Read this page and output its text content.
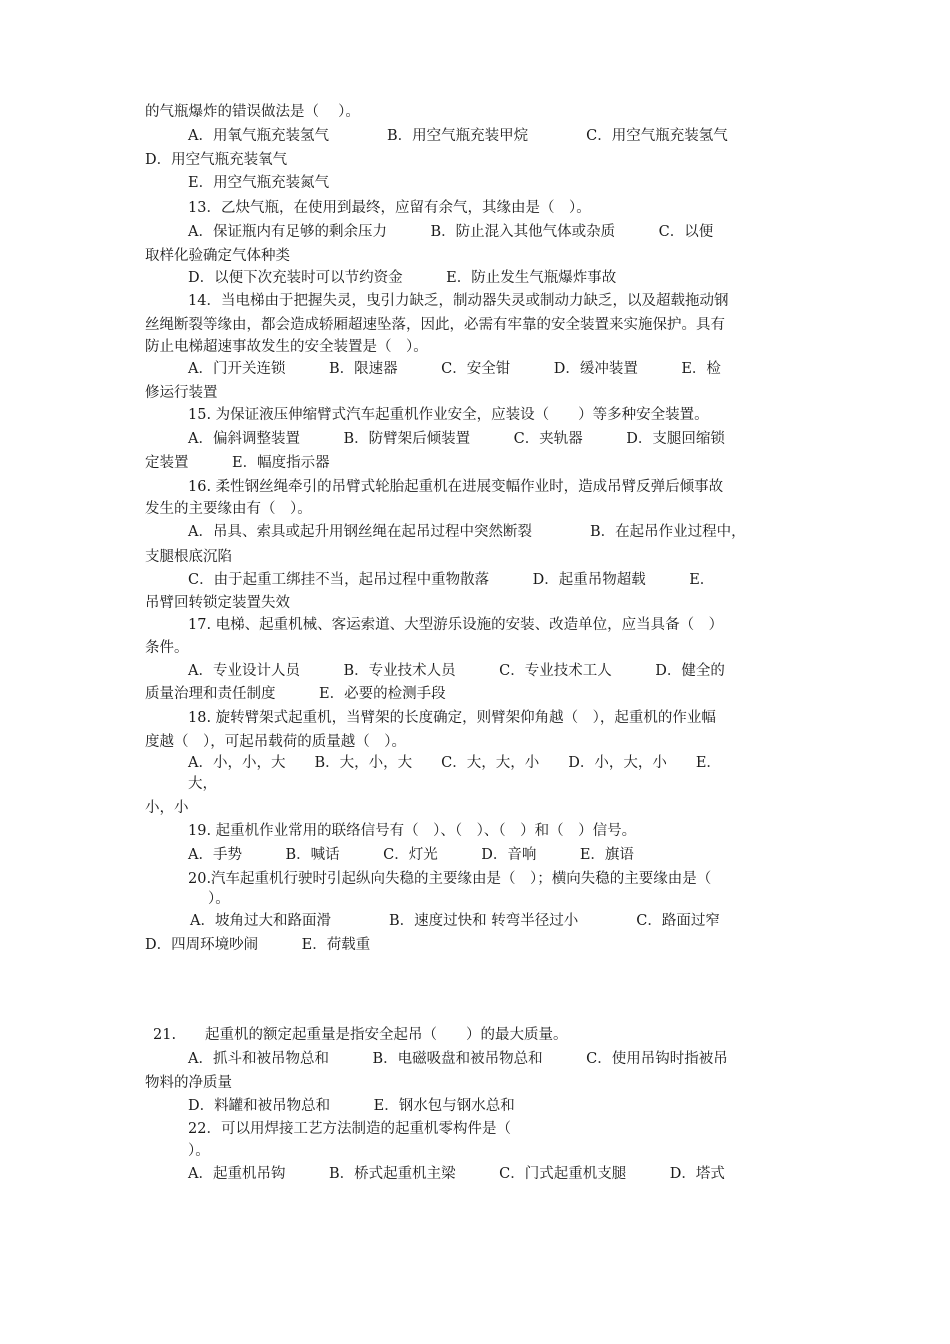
的气瓶爆炸的错误做法是（　 ）。
A．用氧气瓶充装氢气　　　　B．用空气瓶充装甲烷　　　　C．用空气瓶充装氢气
D．用空气瓶充装氧气
E．用空气瓶充装氮气
13．乙炔气瓶，在使用到最终，应留有余气，其缘由是（　）。
A．保证瓶内有足够的剩余压力　　　B．防止混入其他气体或杂质　　　C．以便
取样化验确定气体种类
D．以便下次充装时可以节约资金　　　E．防止发生气瓶爆炸事故
14．当电梯由于把握失灵，曳引力缺乏，制动器失灵或制动力缺乏，以及超载拖动钢
丝绳断裂等缘由，都会造成轿厢超速坠落，因此，必需有牢靠的安全装置来实施保护。具有
防止电梯超速事故发生的安全装置是（　）。
A．门开关连锁　　　B．限速器　　　C．安全钳　　　D．缓冲装置　　　E．检
修运行装置
15. 为保证液压伸缩臂式汽车起重机作业安全，应装设（　　）等多种安全装置。
A．偏斜调整装置　　　B．防臂架后倾装置　　　C．夹轨器　　　D．支腿回缩锁
定装置　　　E．幅度指示器
16. 柔性钢丝绳牵引的吊臂式轮胎起重机在进展变幅作业时，造成吊臂反弹后倾事故
发生的主要缘由有（　）。
A．吊具、索具或起升用钢丝绳在起吊过程中突然断裂　　　　B．在起吊作业过程中，
支腿根底沉陷
C．由于起重工绑挂不当，起吊过程中重物散落　　　D．起重吊物超载　　　E．
吊臂回转锁定装置失效
17. 电梯、起重机械、客运索道、大型游乐设施的安装、改造单位，应当具备（　）
条件。
A．专业设计人员　　　B．专业技术人员　　　C．专业技术工人　　　D．健全的
质量治理和责任制度　　　E．必要的检测手段
18. 旋转臂架式起重机，当臂架的长度确定，则臂架仰角越（　），起重机的作业幅
度越（　），可起吊载荷的质量越（　）。
A．小，小，大　　B．大，小，大　　C．大，大，小　　D．小，大，小　　E．
大，
小，小
19. 起重机作业常用的联络信号有（　）、（　）、（　）和（　）信号。
A．手势　　　B．喊话　　　C．灯光　　　D．音响　　　E．旗语
20.汽车起重机行驶时引起纵向失稳的主要缘由是（　）；横向失稳的主要缘由是（
）。
A．坡角过大和路面滑　　　　B．速度过快和 转弯半径过小　　　　C．路面过窄
D．四周环境吵闹　　　E．荷载重
21.　　起重机的额定起重量是指安全起吊（　　）的最大质量。
A．抓斗和被吊物总和　　　B．电磁吸盘和被吊物总和　　　C．使用吊钩时指被吊
物料的净质量
D．料罐和被吊物总和　　　E．钢水包与钢水总和
22．可以用焊接工艺方法制造的起重机零构件是（
）。
A．起重机吊钩　　　B．桥式起重机主梁　　　C．门式起重机支腿　　　D．塔式
